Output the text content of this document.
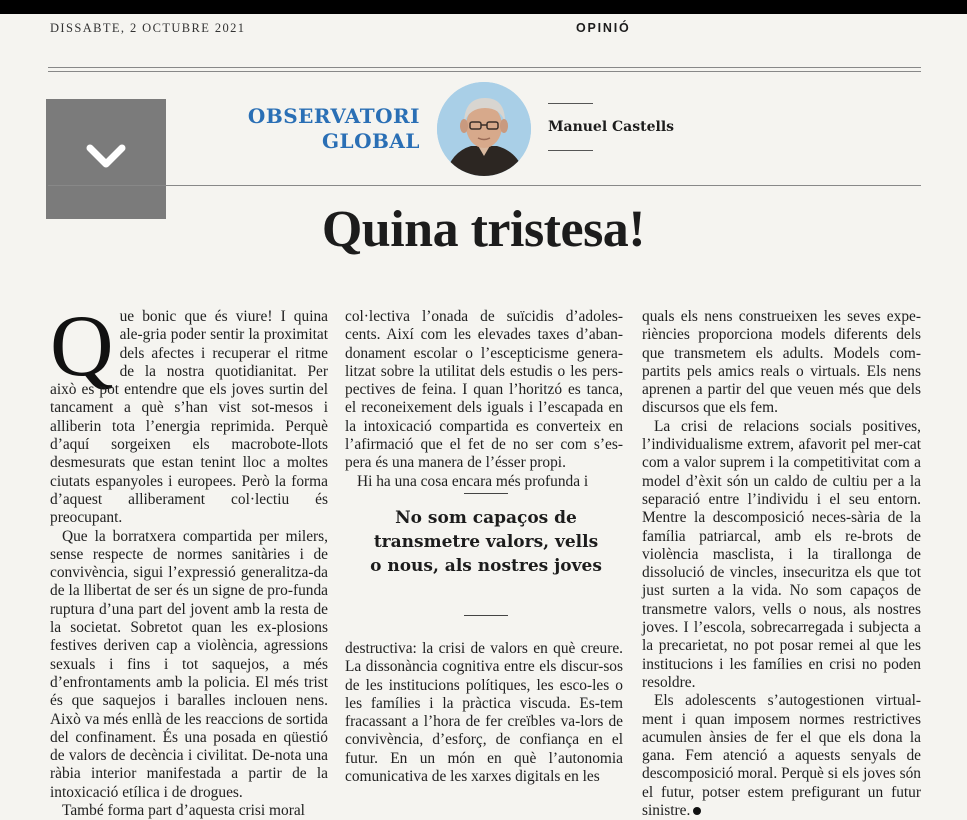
DISSABTE, 2 OCTUBRE 2021	OPINIÓ
OBSERVATORI
GLOBAL
Manuel Castells
Quina tristesa!

Que bonic que és viure! I quina ale-gria poder sentir la proximitat dels afectes i recuperar el ritme de la nostra quotidianitat. Per això es pot entendre que els joves surtin del tancament a què s’han vist sot-mesos i alliberin tota l’energia reprimida. Perquè d’aquí sorgeixen els macrobote-llots desmesurats que estan tenint lloc a moltes ciutats espanyoles i europees. Però la forma d’aquest alliberament col·lectiu és preocupant.

Que la borratxera compartida per milers, sense respecte de normes sanitàries i de convivència, sigui l’expressió generalitza-da de la llibertat de ser és un signe de pro-funda ruptura d’una part del jovent amb la resta de la societat. Sobretot quan les ex-plosions festives deriven cap a violència, agressions sexuals i fins i tot saquejos, a més d’enfrontaments amb la policia. El més trist és que saquejos i baralles inclouen nens. Això va més enllà de les reaccions de sortida del confinament. És una posada en qüestió de valors de decència i civilitat. De-nota una ràbia interior manifestada a partir de la intoxicació etílica i de drogues.

També forma part d’aquesta crisi moral

col·lectiva l’onada de suïcidis d’adoles-cents. Així com les elevades taxes d’aban-donament escolar o l’escepticisme genera-litzat sobre la utilitat dels estudis o les pers-pectives de feina. I quan l’horitzó es tanca, el reconeixement dels iguals i l’escapada en la intoxicació compartida es converteix en l’afirmació que el fet de no ser com s’es-pera és una manera de l’ésser propi.

Hi ha una cosa encara més profunda i

No som capaços de transmetre valors, vells o nous, als nostres joves

destructiva: la crisi de valors en què creure. La dissonància cognitiva entre els discur-sos de les institucions polítiques, les esco-les o les famílies i la pràctica viscuda. Es-tem fracassant a l’hora de fer creïbles va-lors de convivència, d’esforç, de confiança en el futur. En un món en què l’autonomia comunicativa de les xarxes digitals en les

quals els nens construeixen les seves expe-riències proporciona models diferents dels que transmetem els adults. Models com-partits pels amics reals o virtuals. Els nens aprenen a partir del que veuen més que dels discursos que els fem.

La crisi de relacions socials positives, l’individualisme extrem, afavorit pel mer-cat com a valor suprem i la competitivitat com a model d’èxit són un caldo de cultiu per a la separació entre l’individu i el seu entorn. Mentre la descomposició neces-sària de la família patriarcal, amb els re-brots de violència masclista, i la tirallonga de dissolució de vincles, insecuritza els que tot just surten a la vida. No som capaços de transmetre valors, vells o nous, als nostres joves. I l’escola, sobrecarregada i subjecta a la precarietat, no pot posar remei al que les institucions i les famílies en crisi no poden resoldre.

Els adolescents s’autogestionen virtual-ment i quan imposem normes restrictives acumulen ànsies de fer el que els dona la gana. Fem atenció a aquests senyals de descomposició moral. Perquè si els joves són el futur, potser estem prefigurant un futur sinistre.
